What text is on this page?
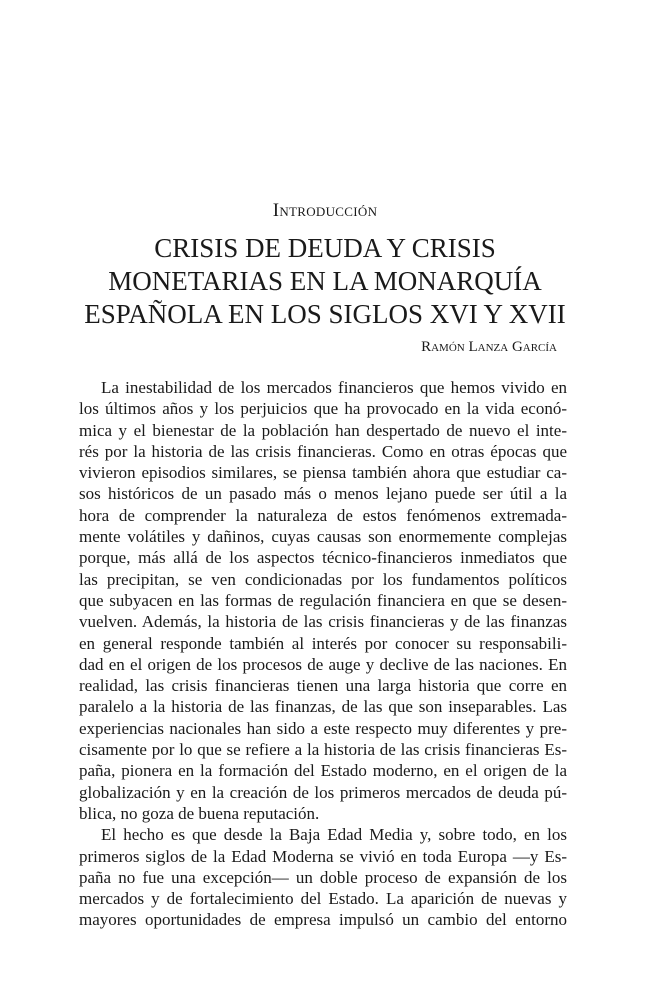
Introducción
CRISIS DE DEUDA Y CRISIS
MONETARIAS EN LA MONARQUÍA
ESPAÑOLA EN LOS SIGLOS XVI Y XVII
Ramón Lanza García
La inestabilidad de los mercados financieros que hemos vivido en
los últimos años y los perjuicios que ha provocado en la vida econó-
mica y el bienestar de la población han despertado de nuevo el inte-
rés por la historia de las crisis financieras. Como en otras épocas que
vivieron episodios similares, se piensa también ahora que estudiar ca-
sos históricos de un pasado más o menos lejano puede ser útil a la
hora de comprender la naturaleza de estos fenómenos extremada-
mente volátiles y dañinos, cuyas causas son enormemente complejas
porque, más allá de los aspectos técnico-financieros inmediatos que
las precipitan, se ven condicionadas por los fundamentos políticos
que subyacen en las formas de regulación financiera en que se desen-
vuelven. Además, la historia de las crisis financieras y de las finanzas
en general responde también al interés por conocer su responsabili-
dad en el origen de los procesos de auge y declive de las naciones. En
realidad, las crisis financieras tienen una larga historia que corre en
paralelo a la historia de las finanzas, de las que son inseparables. Las
experiencias nacionales han sido a este respecto muy diferentes y pre-
cisamente por lo que se refiere a la historia de las crisis financieras Es-
paña, pionera en la formación del Estado moderno, en el origen de la
globalización y en la creación de los primeros mercados de deuda pú-
blica, no goza de buena reputación.
El hecho es que desde la Baja Edad Media y, sobre todo, en los
primeros siglos de la Edad Moderna se vivió en toda Europa —y Es-
paña no fue una excepción— un doble proceso de expansión de los
mercados y de fortalecimiento del Estado. La aparición de nuevas y
mayores oportunidades de empresa impulsó un cambio del entorno
